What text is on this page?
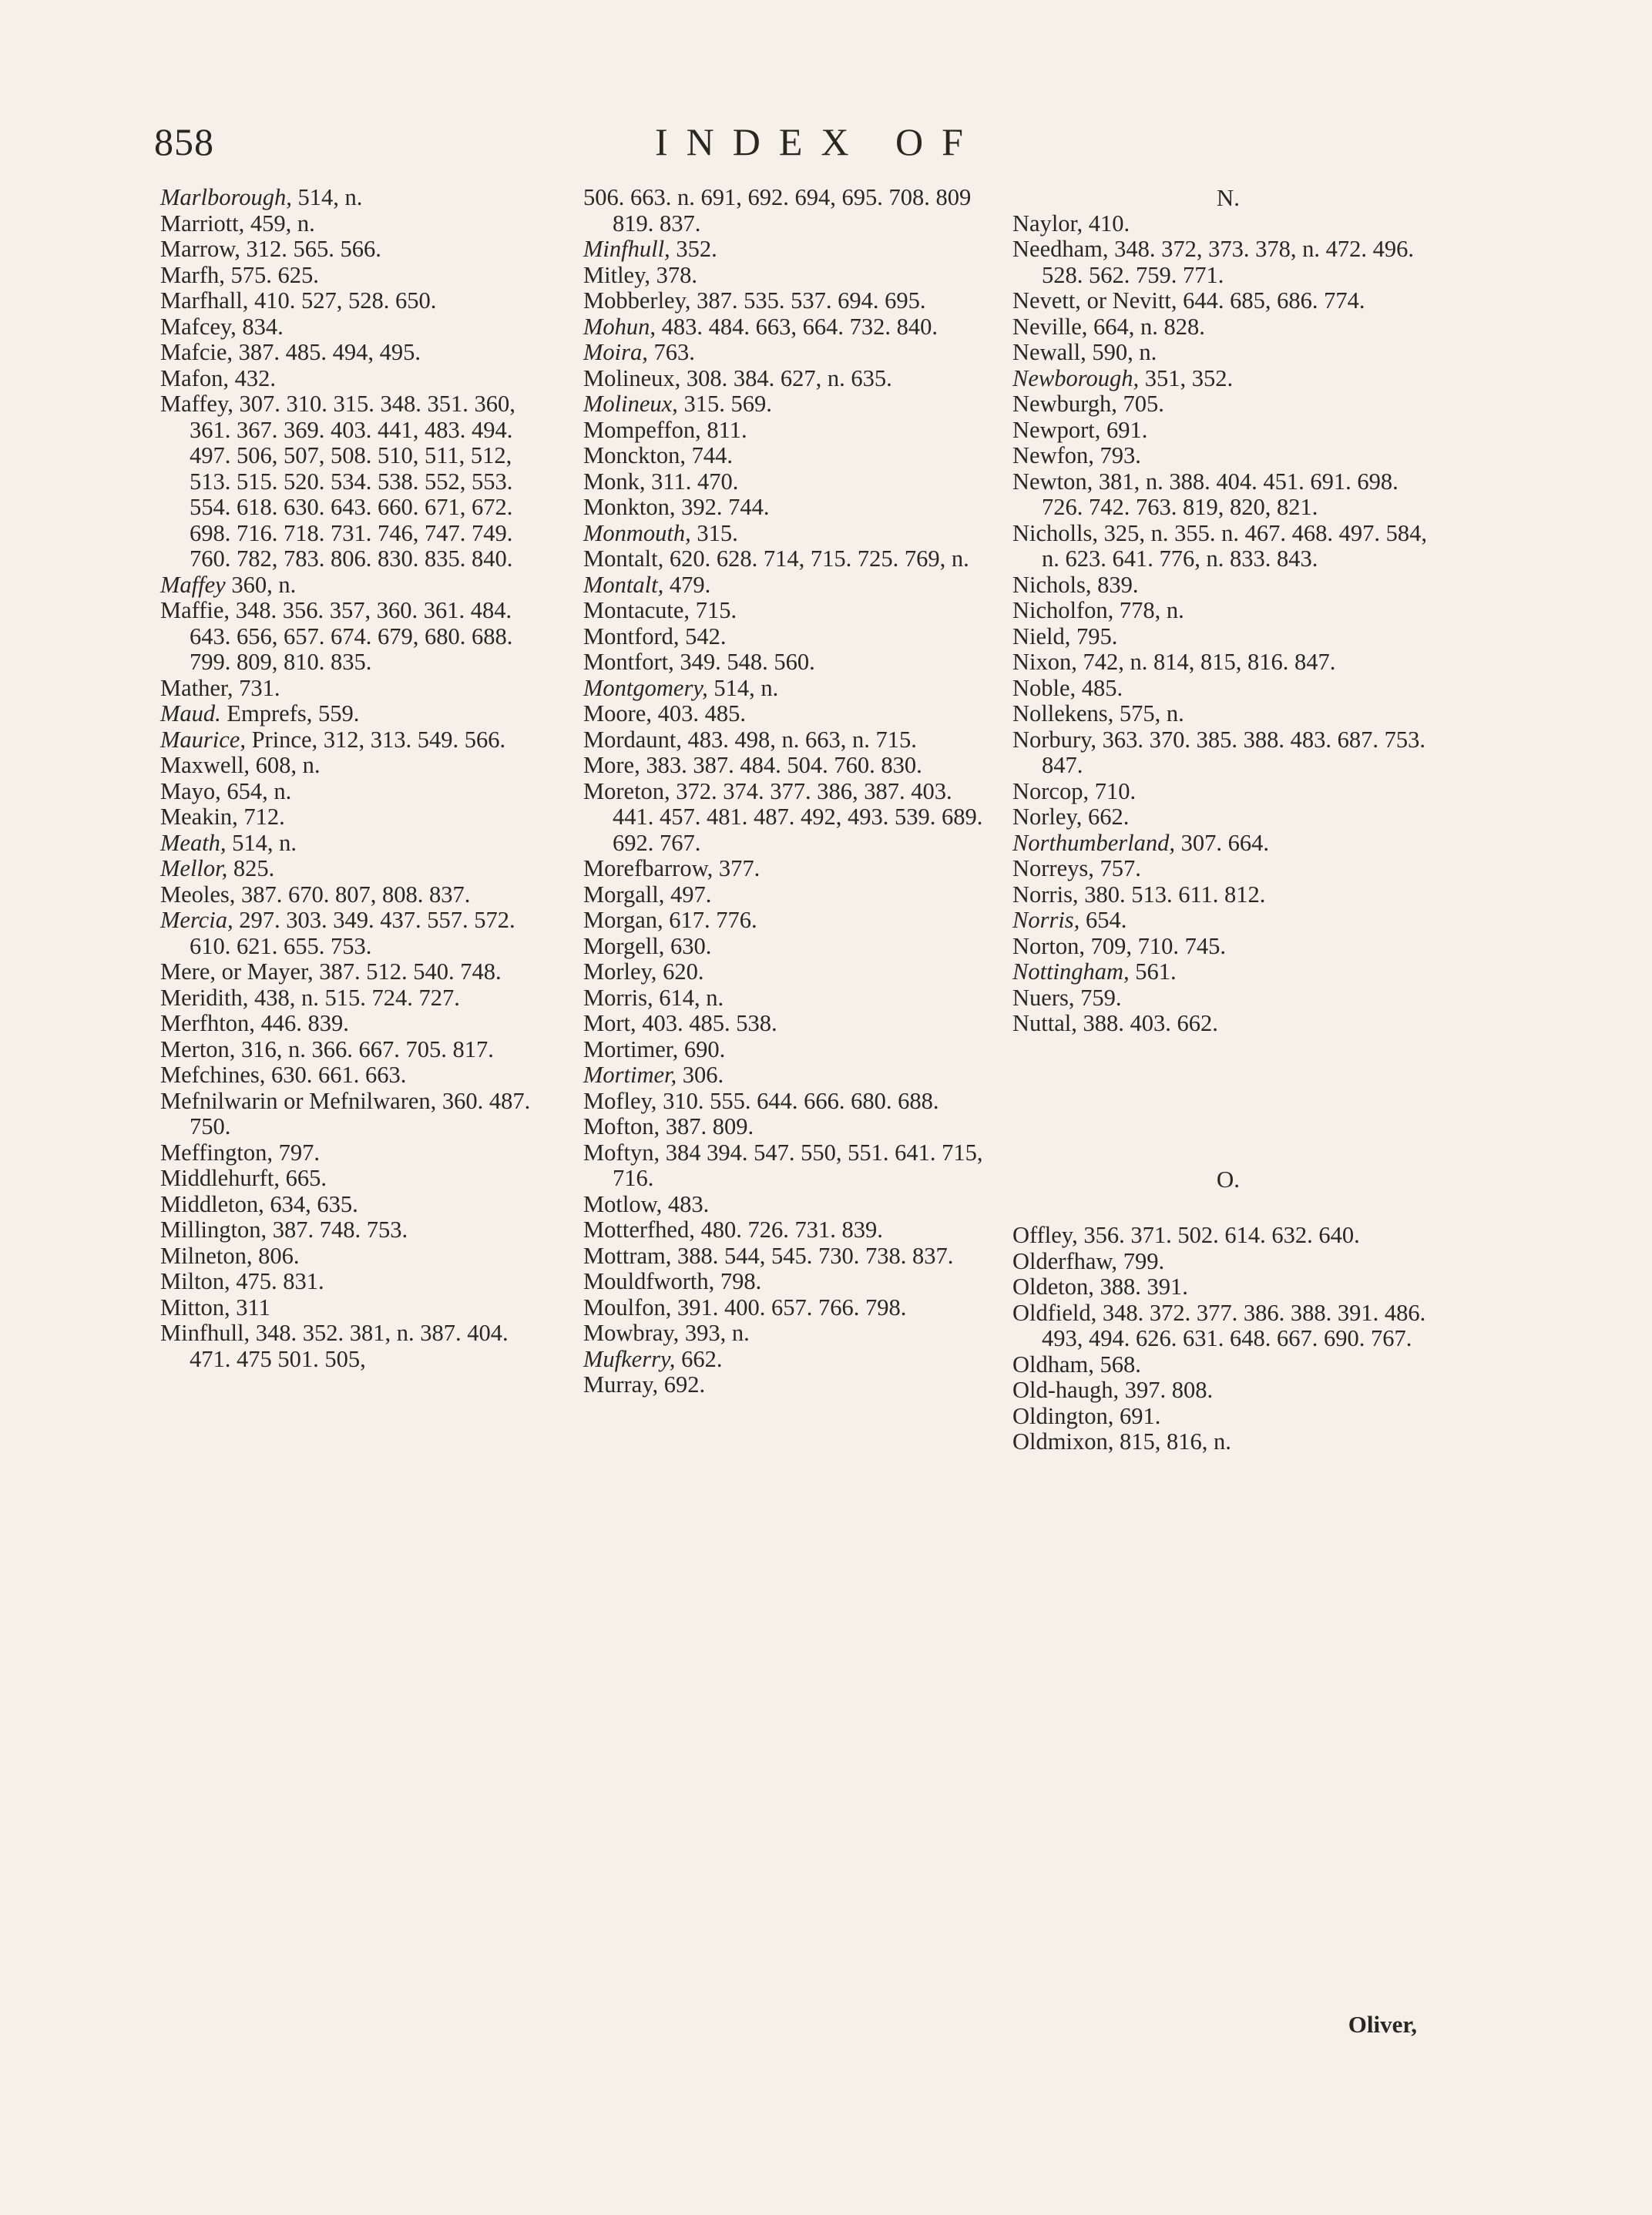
858	INDEX OF
Marlborough, 514, n.
Marriott, 459, n.
Marrow, 312. 565. 566.
Marfh, 575. 625.
Marfhall, 410. 527, 528. 650.
Mafcey, 834.
Mafcie, 387. 485. 494, 495.
Mafon, 432.
Maffey, 307. 310. 315. 348. 351. 360, 361. 367. 369. 403. 441, 483. 494. 497. 506, 507, 508. 510, 511, 512, 513. 515. 520. 534. 538. 552, 553. 554. 618. 630. 643. 660. 671, 672. 698. 716. 718. 731. 746, 747. 749. 760. 782, 783. 806. 830. 835. 840.
Maffey 360, n.
Maffie, 348. 356. 357, 360. 361. 484. 643. 656, 657. 674. 679, 680. 688. 799. 809, 810. 835.
Mather, 731.
Maud. Emprefs, 559.
Maurice, Prince, 312, 313. 549. 566.
Maxwell, 608, n.
Mayo, 654, n.
Meakin, 712.
Meath, 514, n.
Mellor, 825.
Meoles, 387. 670. 807, 808. 837.
Mercia, 297. 303. 349. 437. 557. 572. 610. 621. 655. 753.
Mere, or Mayer, 387. 512. 540. 748.
Meridith, 438, n. 515. 724. 727.
Merfhton, 446. 839.
Merton, 316, n. 366. 667. 705. 817.
Mefchines, 630. 661. 663.
Mefnilwarin or Mefnilwaren, 360. 487. 750.
Meffington, 797.
Middlehurft, 665.
Middleton, 634, 635.
Millington, 387. 748. 753.
Milneton, 806.
Milton, 475. 831.
Mitton, 311
Minfhull, 348. 352. 381, n. 387. 404. 471. 475 501. 505,
506. 663. n. 691, 692. 694, 695. 708. 809 819. 837.
Minfhull, 352.
Mitley, 378.
Mobberley, 387. 535. 537. 694. 695.
Mohun, 483. 484. 663, 664. 732. 840.
Moira, 763.
Molineux, 308. 384. 627, n. 635.
Molineux, 315. 569.
Mompeffon, 811.
Monckton, 744.
Monk, 311. 470.
Monkton, 392. 744.
Monmouth, 315.
Montalt, 620. 628. 714, 715. 725. 769, n.
Montalt, 479.
Montacute, 715.
Montford, 542.
Montfort, 349. 548. 560.
Montgomery, 514, n.
Moore, 403. 485.
Mordaunt, 483. 498, n. 663, n. 715.
More, 383. 387. 484. 504. 760. 830.
Moreton, 372. 374. 377. 386, 387. 403. 441. 457. 481. 487. 492, 493. 539. 689. 692. 767.
Morefbarrow, 377.
Morgall, 497.
Morgan, 617. 776.
Morgell, 630.
Morley, 620.
Morris, 614, n.
Mort, 403. 485. 538.
Mortimer, 690.
Mortimer, 306.
Mofley, 310. 555. 644. 666. 680. 688.
Mofton, 387. 809.
Moftyn, 384 394. 547. 550, 551. 641. 715, 716.
Motlow, 483.
Motterfhed, 480. 726. 731. 839.
Mottram, 388. 544, 545. 730. 738. 837.
Mouldfworth, 798.
Moulfon, 391. 400. 657. 766. 798.
Mowbray, 393, n.
Mufkerry, 662.
Murray, 692.
N.
Naylor, 410.
Needham, 348. 372, 373. 378, n. 472. 496. 528. 562. 759. 771.
Nevett, or Nevitt, 644. 685, 686. 774.
Neville, 664, n. 828.
Newall, 590, n.
Newborough, 351, 352.
Newburgh, 705.
Newport, 691.
Newfon, 793.
Newton, 381, n. 388. 404. 451. 691. 698. 726. 742. 763. 819, 820, 821.
Nicholls, 325, n. 355. n. 467. 468. 497. 584, n. 623. 641. 776, n. 833. 843.
Nichols, 839.
Nicholfon, 778, n.
Nield, 795.
Nixon, 742, n. 814, 815, 816. 847.
Noble, 485.
Nollekens, 575, n.
Norbury, 363. 370. 385. 388. 483. 687. 753. 847.
Norcop, 710.
Norley, 662.
Northumberland, 307. 664.
Norreys, 757.
Norris, 380. 513. 611. 812.
Norris, 654.
Norton, 709, 710. 745.
Nottingham, 561.
Nuers, 759.
Nuttal, 388. 403. 662.
O.
Offley, 356. 371. 502. 614. 632. 640.
Olderfhaw, 799.
Oldeton, 388. 391.
Oldfield, 348. 372. 377. 386. 388. 391. 486. 493, 494. 626. 631. 648. 667. 690. 767.
Oldham, 568.
Old-haugh, 397. 808.
Oldington, 691.
Oldmixon, 815, 816, n.
Oliver,
